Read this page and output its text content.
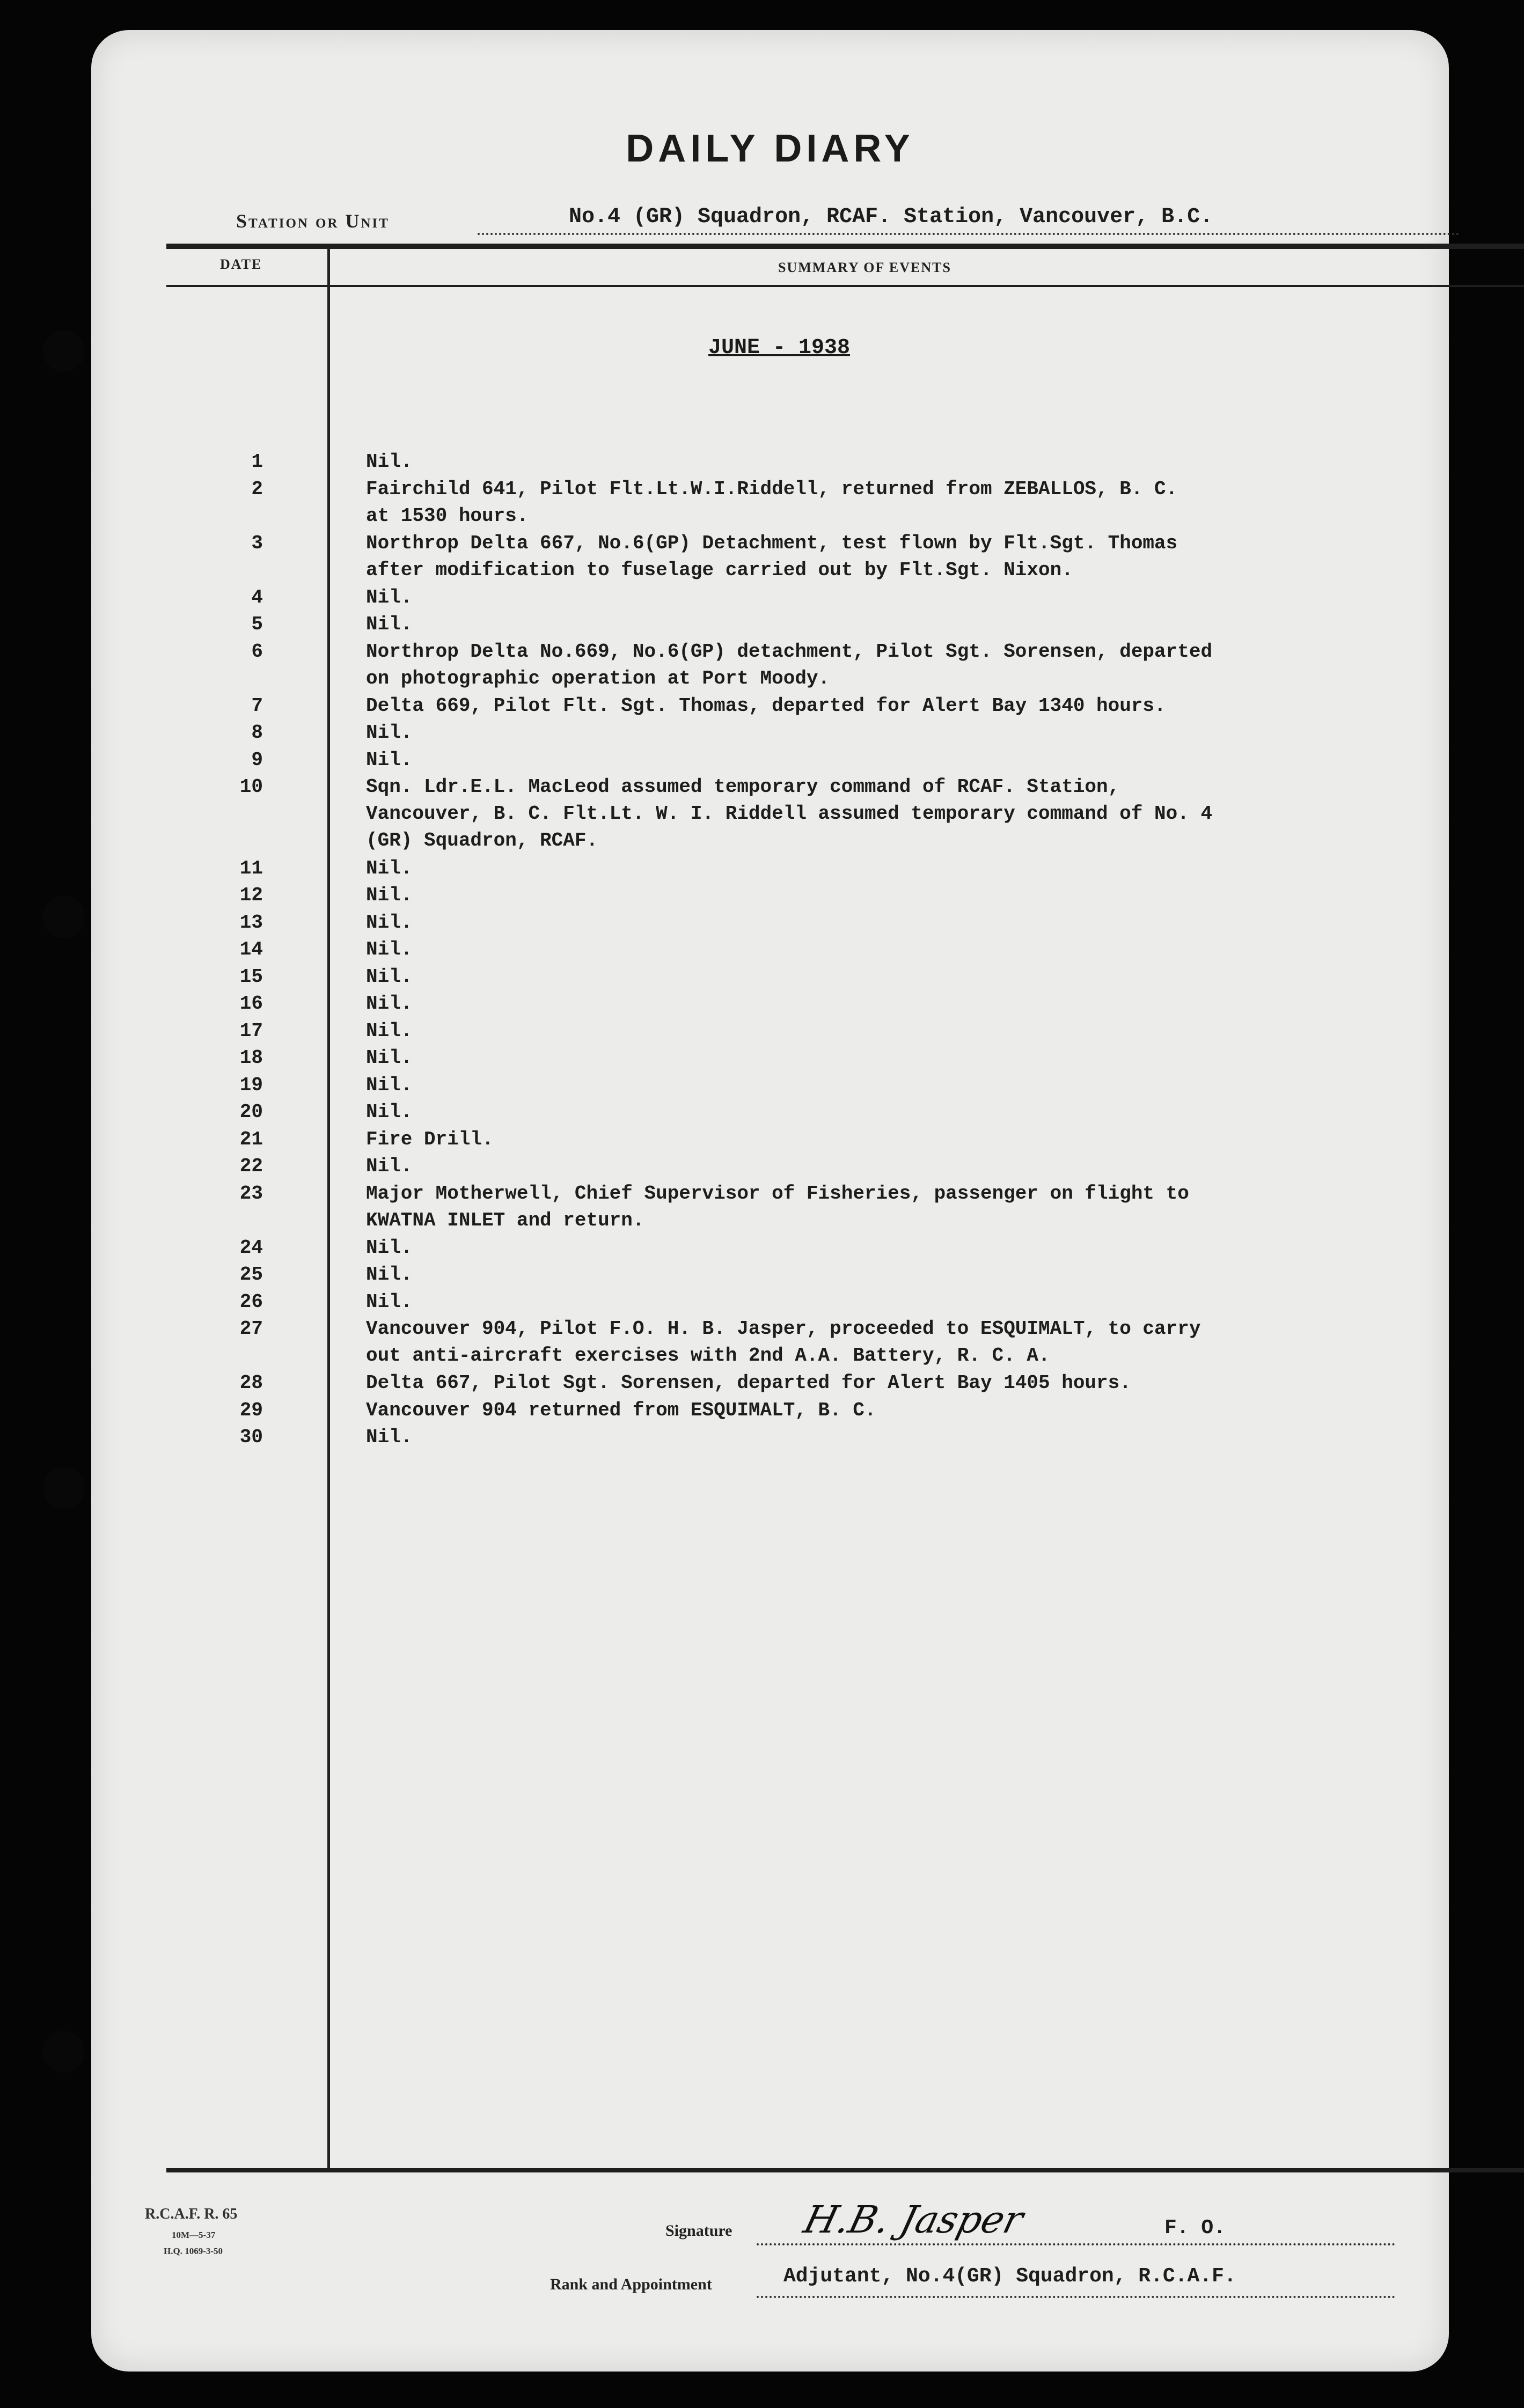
DAILY DIARY
Station or Unit	No.4 (GR) Squadron, RCAF. Station, Vancouver, B.C.
DATE	SUMMARY OF EVENTS
JUNE - 1938
1	Nil.
2	Fairchild 641, Pilot Flt.Lt.W.I.Riddell, returned from ZEBALLOS, B. C.
at 1530 hours.
3	Northrop Delta 667, No.6(GP) Detachment, test flown by Flt.Sgt. Thomas
after modification to fuselage carried out by Flt.Sgt. Nixon.
4	Nil.
5	Nil.
6	Northrop Delta No.669, No.6(GP) detachment, Pilot Sgt. Sorensen, departed
on photographic operation at Port Moody.
7	Delta 669, Pilot Flt. Sgt. Thomas, departed for Alert Bay 1340 hours.
8	Nil.
9	Nil.
10	Sqn. Ldr.E.L. MacLeod assumed temporary command of RCAF. Station,
Vancouver, B. C. Flt.Lt. W. I. Riddell assumed temporary command of No. 4
(GR) Squadron, RCAF.
11	Nil.
12	Nil.
13	Nil.
14	Nil.
15	Nil.
16	Nil.
17	Nil.
18	Nil.
19	Nil.
20	Nil.
21	Fire Drill.
22	Nil.
23	Major Motherwell, Chief Supervisor of Fisheries, passenger on flight to
KWATNA INLET and return.
24	Nil.
25	Nil.
26	Nil.
27	Vancouver 904, Pilot F.O. H. B. Jasper, proceeded to ESQUIMALT, to carry
out anti-aircraft exercises with 2nd A.A. Battery, R. C. A.
28	Delta 667, Pilot Sgt. Sorensen, departed for Alert Bay 1405 hours.
29	Vancouver 904 returned from ESQUIMALT, B. C.
30	Nil.
R.C.A.F. R. 65
10M—5-37
H.Q. 1069-3-50
Signature H.B. Jasper	F. O.
Rank and Appointment	Adjutant, No.4(GR) Squadron, R.C.A.F.
